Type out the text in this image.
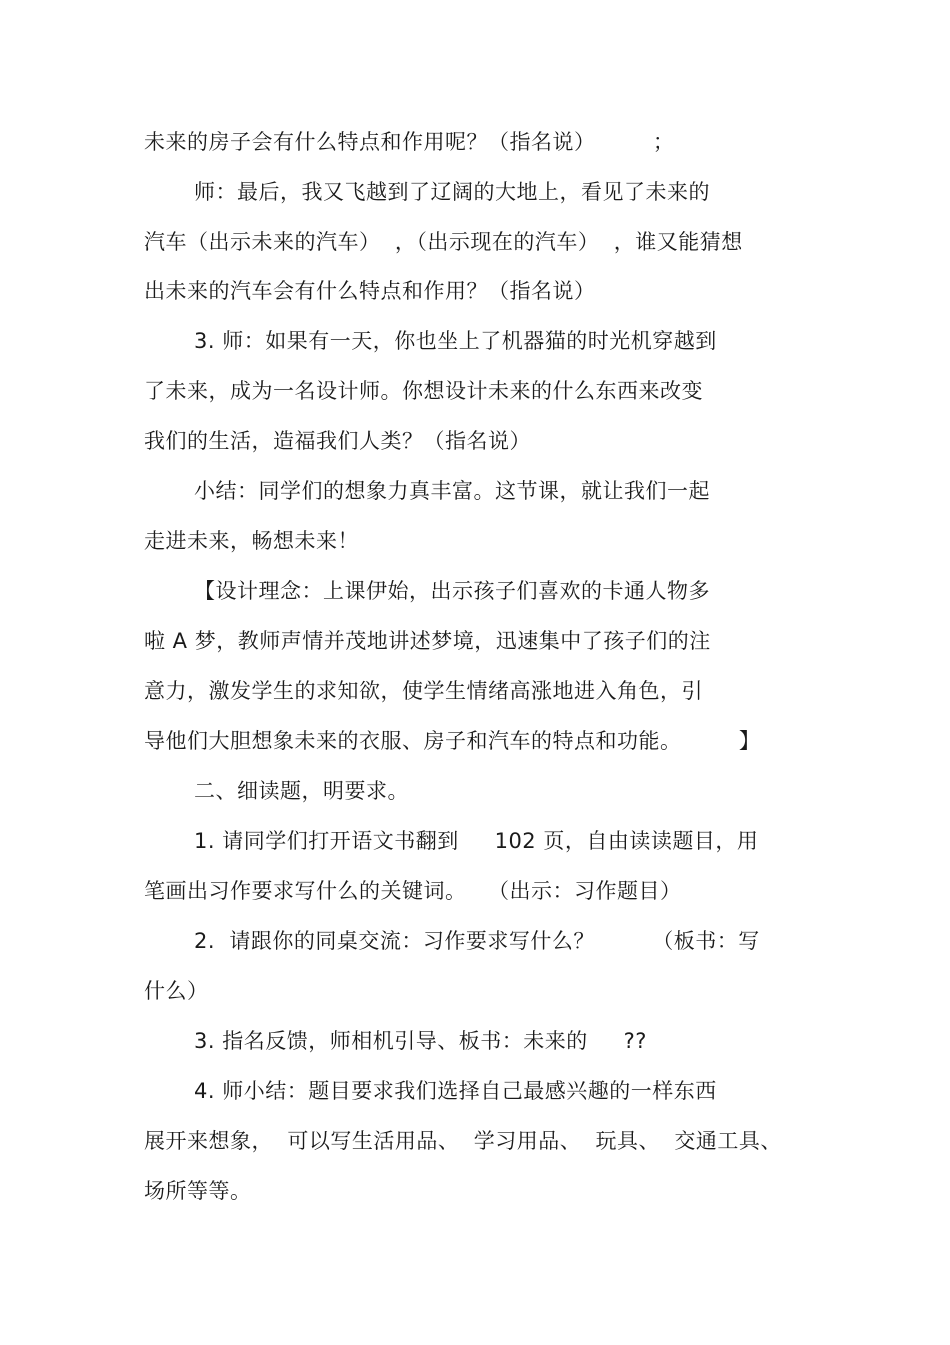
未来的房子会有什么特点和作用呢？（指名说）        ；
师：最后，我又飞越到了辽阔的大地上，看见了未来的
汽车（出示未来的汽车）  ，（出示现在的汽车）  ，谁又能猜想
出未来的汽车会有什么特点和作用？（指名说）
3. 师：如果有一天，你也坐上了机器猫的时光机穿越到
了未来，成为一名设计师。你想设计未来的什么东西来改变
我们的生活，造福我们人类？（指名说）
小结：同学们的想象力真丰富。这节课，就让我们一起
走进未来，畅想未来！
【设计理念：上课伊始，出示孩子们喜欢的卡通人物多
啦 A 梦，教师声情并茂地讲述梦境，迅速集中了孩子们的注
意力，激发学生的求知欲，使学生情绪高涨地进入角色，引
导他们大胆想象未来的衣服、房子和汽车的特点和功能。        】
二、细读题，明要求。
1. 请同学们打开语文书翻到     102 页，自由读读题目，用
笔画出习作要求写什么的关键词。   （出示：习作题目）
2.  请跟你的同桌交流：习作要求写什么？        （板书：写
什么）
3. 指名反馈，师相机引导、板书：未来的     ??
4. 师小结：题目要求我们选择自己最感兴趣的一样东西
展开来想象，  可以写生活用品、  学习用品、  玩具、  交通工具、
场所等等。
